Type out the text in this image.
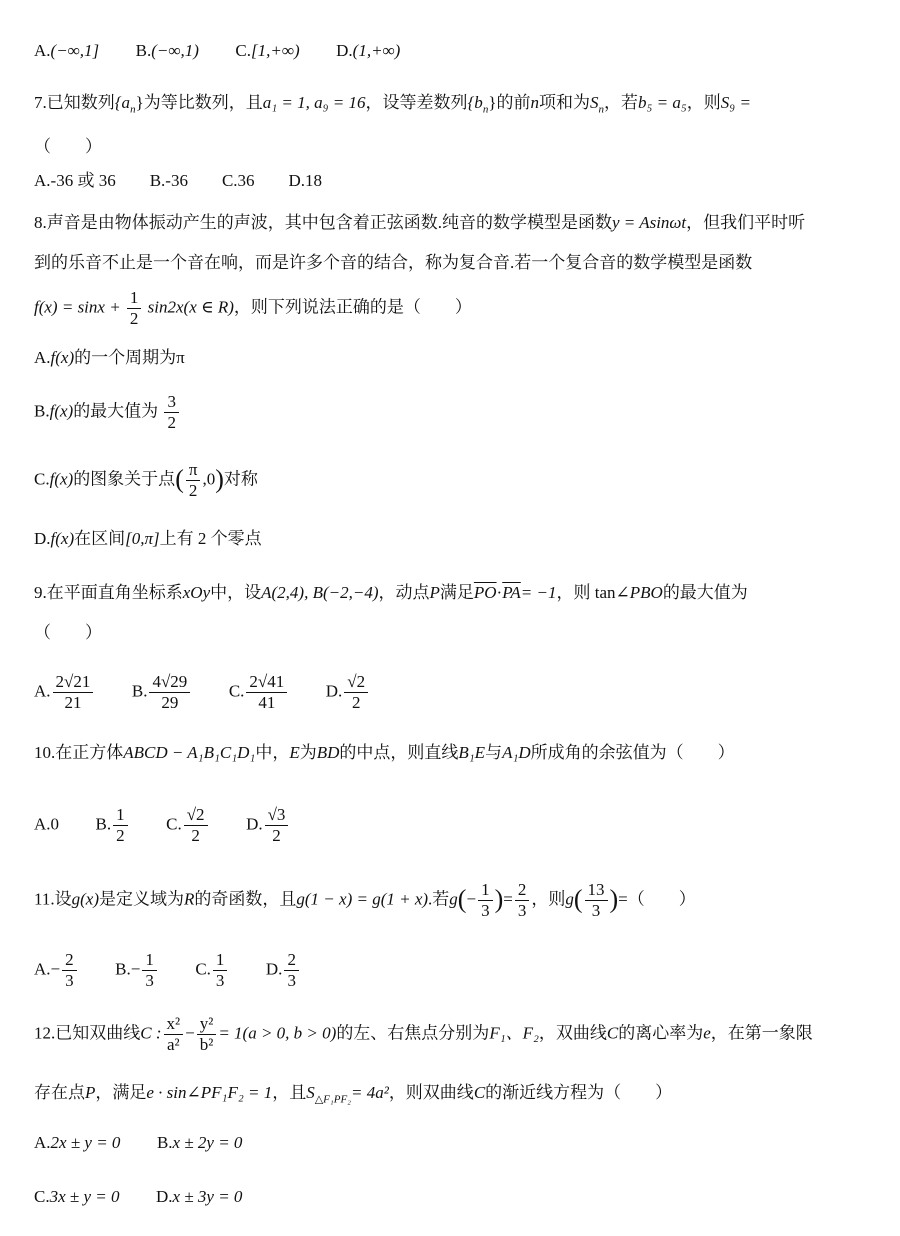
A.(−∞,1] B.(−∞,1) C.[1,+∞) D.(1,+∞)
7.已知数列$\{a_n\}$为等比数列，且a₁ = 1, a₉ = 16，设等差数列$\{b_n\}$的前n项和为$S_n$，若b₅ = a₅，则S₉ =
（　　）
A.-36 或 36　　B.-36　　C.36　　D.18
8.声音是由物体振动产生的声波，其中包含着正弦函数.纯音的数学模型是函数y = Asinωt，但我们平时听
到的乐音不止是一个音在响，而是许多个音的结合，称为复合音.若一个复合音的数学模型是函数
$f(x) = \sin x + \frac{1}{2} \sin 2x(x$ ∈ R)，则下列说法正确的是（　　）
A.f(x)的一个周期为π
B.f(x)的最大值为 $\frac{3}{2}$
C.f(x)的图象关于点( $\frac{\pi}{2} ,0$)对称
D.f(x)在区间[0,π]上有 2 个零点
9.在平面直角坐标系xOy中，设A(2,4), B(−2,−4)，动点P满足$\overline{PO}\cdot\overline{PA}= -1$，则 tan∠PBO的最大值为
（　　）
A. $\frac{2√21}{21} B$. $\frac{4√29}{29} C$. $\frac{2√41}{41} D$. $\frac{√2}{2}$
10.在正方体ABCD − A₁B₁C₁D₁中，E为BD的中点，则直线B₁E与A₁D所成角的余弦值为（　　）
A.0 B. $\frac{1}{2} C$. $\frac{√2}{2} D$. $\frac{√3}{2}$
11.设g(x)是定义域为R的奇函数，且g(1 − x) = g(1 + x).若$g(- \frac{1}{3}$ )= $\frac{2}{3}$ ，则$g( \frac{13}{3}$ )=（　　）
$A.- \frac{2}{3} B.- \frac{1}{3} C$. $\frac{1}{3} D$. $\frac{2}{3}$
12.已知双曲线C : $\frac{\text{x²}}{\text{a²}} - \frac{\text{y²}}{\text{b²}} = 1(a > 0$, b > 0)的左、右焦点分别为F₁、F₂，双曲线C的离心率为e，在第一象限
存在点P，满足e · sin∠PF₁F₂ = 1，且$S_{\triangle F_1PF_2}= 4a^2$，则双曲线C的渐近线方程为（　　）
A.2x ± y = 0 B.x ± 2y = 0
C.3x ± y = 0 D.x ± 3y = 0
